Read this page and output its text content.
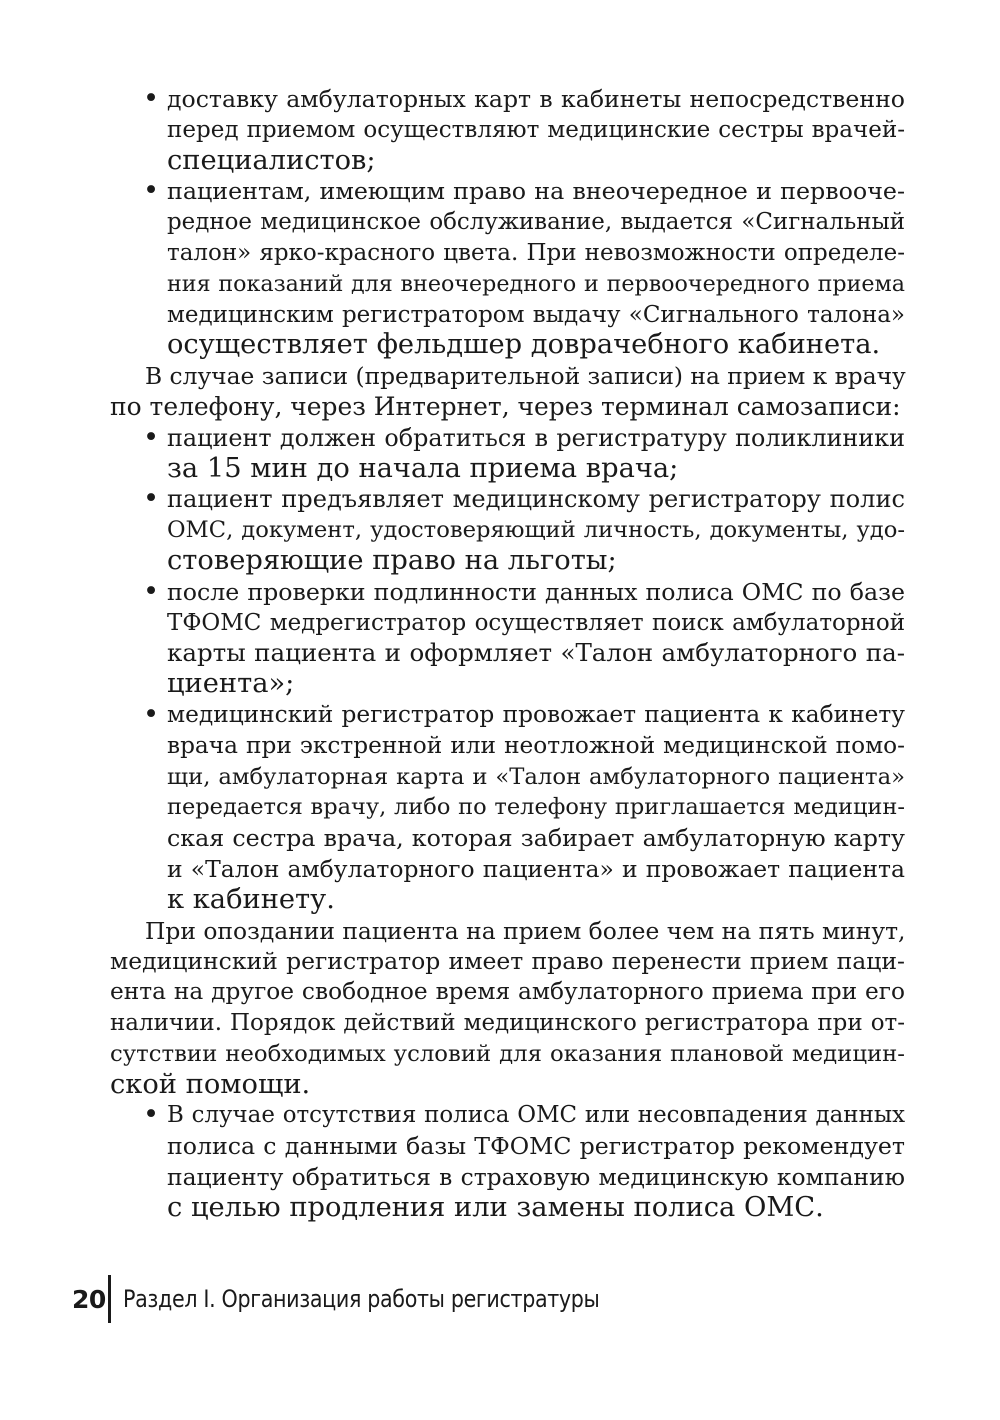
• доставку амбулаторных карт в кабинеты непосредственно
перед приемом осуществляют медицинские сестры врачей-
специалистов;
• пациентам, имеющим право на внеочередное и первооче-
редное медицинское обслуживание, выдается «Сигнальный
талон» ярко-красного цвета. При невозможности определе-
ния показаний для внеочередного и первоочередного приема
медицинским регистратором выдачу «Сигнального талона»
осуществляет фельдшер доврачебного кабинета.
В случае записи (предварительной записи) на прием к врачу
по телефону, через Интернет, через терминал самозаписи:
• пациент должен обратиться в регистратуру поликлиники
за 15 мин до начала приема врача;
• пациент предъявляет медицинскому регистратору полис
ОМС, документ, удостоверяющий личность, документы, удо-
стоверяющие право на льготы;
• после проверки подлинности данных полиса ОМС по базе
ТФОМС медрегистратор осуществляет поиск амбулаторной
карты пациента и оформляет «Талон амбулаторного па-
циента»;
• медицинский регистратор провожает пациента к кабинету
врача при экстренной или неотложной медицинской помо-
щи, амбулаторная карта и «Талон амбулаторного пациента»
передается врачу, либо по телефону приглашается медицин-
ская сестра врача, которая забирает амбулаторную карту
и «Талон амбулаторного пациента» и провожает пациента
к кабинету.
При опоздании пациента на прием более чем на пять минут,
медицинский регистратор имеет право перенести прием паци-
ента на другое свободное время амбулаторного приема при его
наличии. Порядок действий медицинского регистратора при от-
сутствии необходимых условий для оказания плановой медицин-
ской помощи.
• В случае отсутствия полиса ОМС или несовпадения данных
полиса с данными базы ТФОМС регистратор рекомендует
пациенту обратиться в страховую медицинскую компанию
с целью продления или замены полиса ОМС.
20 Раздел I. Организация работы регистратуры
